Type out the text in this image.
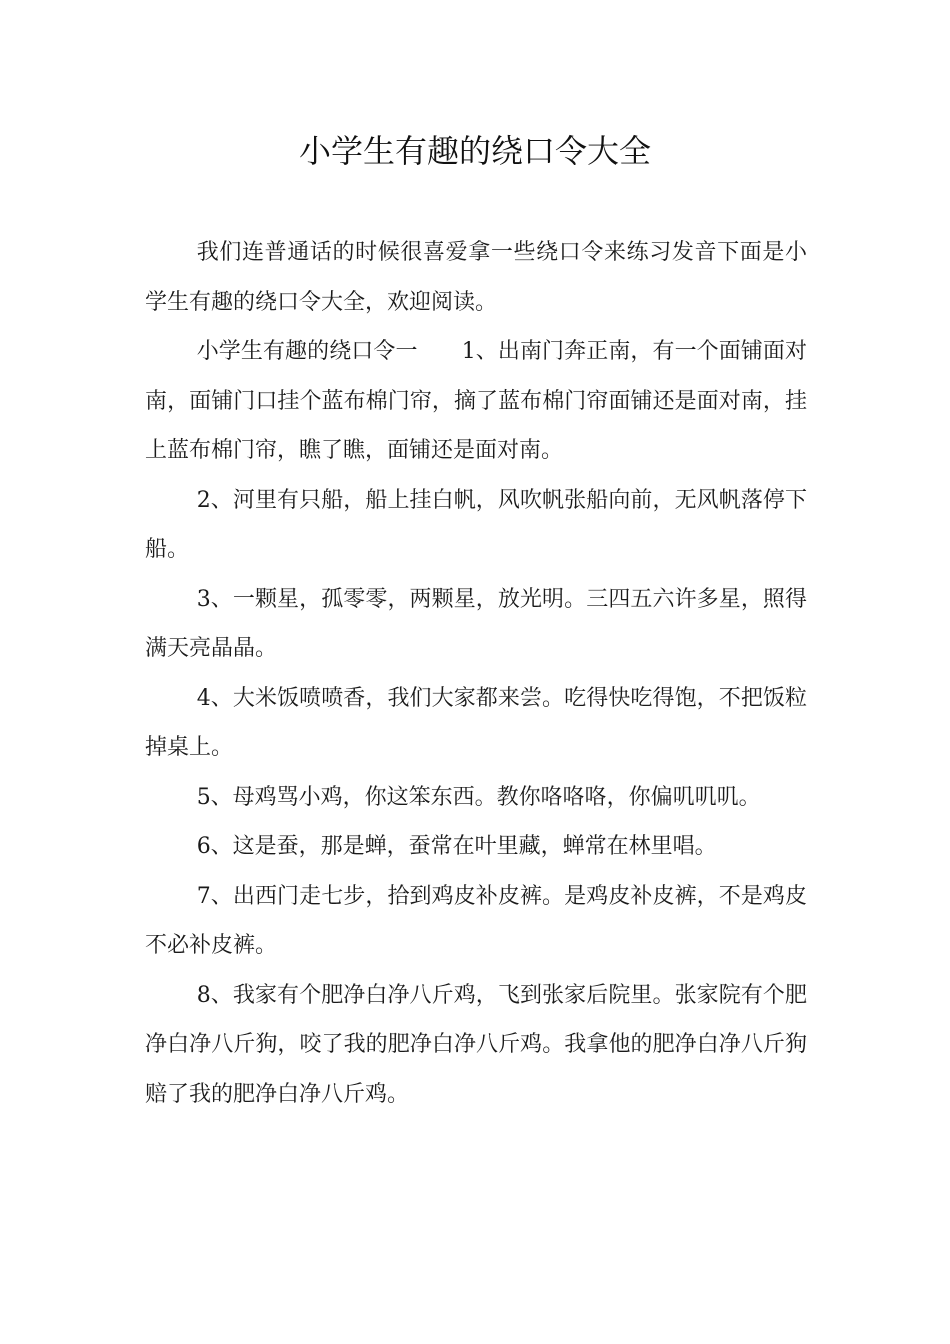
小学生有趣的绕口令大全

我们连普通话的时候很喜爱拿一些绕口令来练习发音下面是小学生有趣的绕口令大全，欢迎阅读。

小学生有趣的绕口令一　　1、出南门奔正南，有一个面铺面对南，面铺门口挂个蓝布棉门帘，摘了蓝布棉门帘面铺还是面对南，挂上蓝布棉门帘，瞧了瞧，面铺还是面对南。

2、河里有只船，船上挂白帆，风吹帆张船向前，无风帆落停下船。

3、一颗星，孤零零，两颗星，放光明。三四五六许多星，照得满天亮晶晶。

4、大米饭喷喷香，我们大家都来尝。吃得快吃得饱，不把饭粒掉桌上。

5、母鸡骂小鸡，你这笨东西。教你咯咯咯，你偏叽叽叽。

6、这是蚕，那是蝉，蚕常在叶里藏，蝉常在林里唱。

7、出西门走七步，拾到鸡皮补皮裤。是鸡皮补皮裤，不是鸡皮不必补皮裤。

8、我家有个肥净白净八斤鸡，飞到张家后院里。张家院有个肥净白净八斤狗，咬了我的肥净白净八斤鸡。我拿他的肥净白净八斤狗赔了我的肥净白净八斤鸡。
